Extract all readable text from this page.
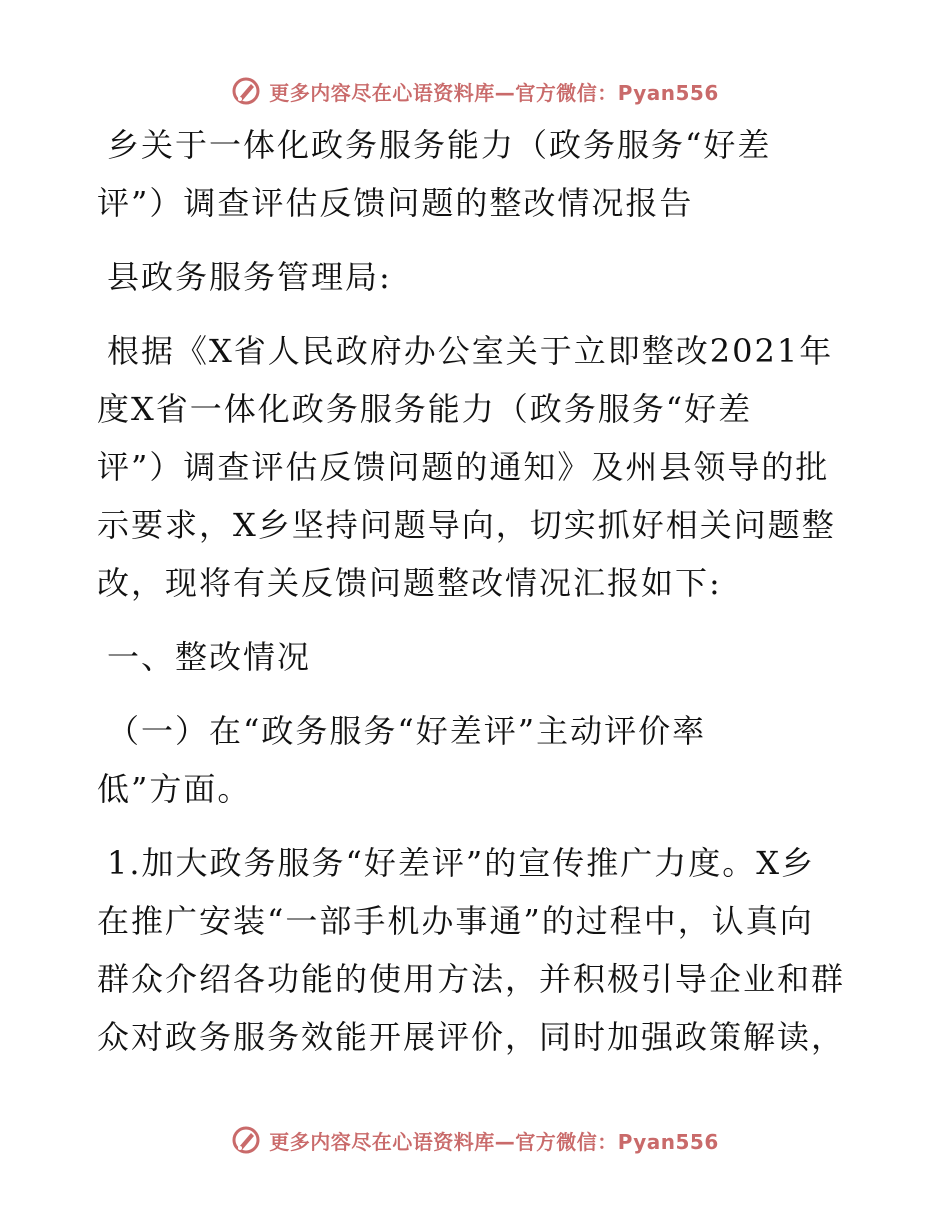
更多内容尽在心语资料库—官方微信：Pyan556
乡关于一体化政务服务能力（政务服务“好差
评”）调查评估反馈问题的整改情况报告
县政务服务管理局:
根据《X省人民政府办公室关于立即整改2021年
度X省一体化政务服务能力（政务服务“好差
评”）调查评估反馈问题的通知》及州县领导的批
示要求，X乡坚持问题导向，切实抓好相关问题整
改，现将有关反馈问题整改情况汇报如下:
一、整改情况
（一）在“政务服务“好差评”主动评价率
低”方面。
1.加大政务服务“好差评”的宣传推广力度。X乡
在推广安装“一部手机办事通”的过程中，认真向
群众介绍各功能的使用方法，并积极引导企业和群
众对政务服务效能开展评价，同时加强政策解读，
更多内容尽在心语资料库—官方微信：Pyan556
